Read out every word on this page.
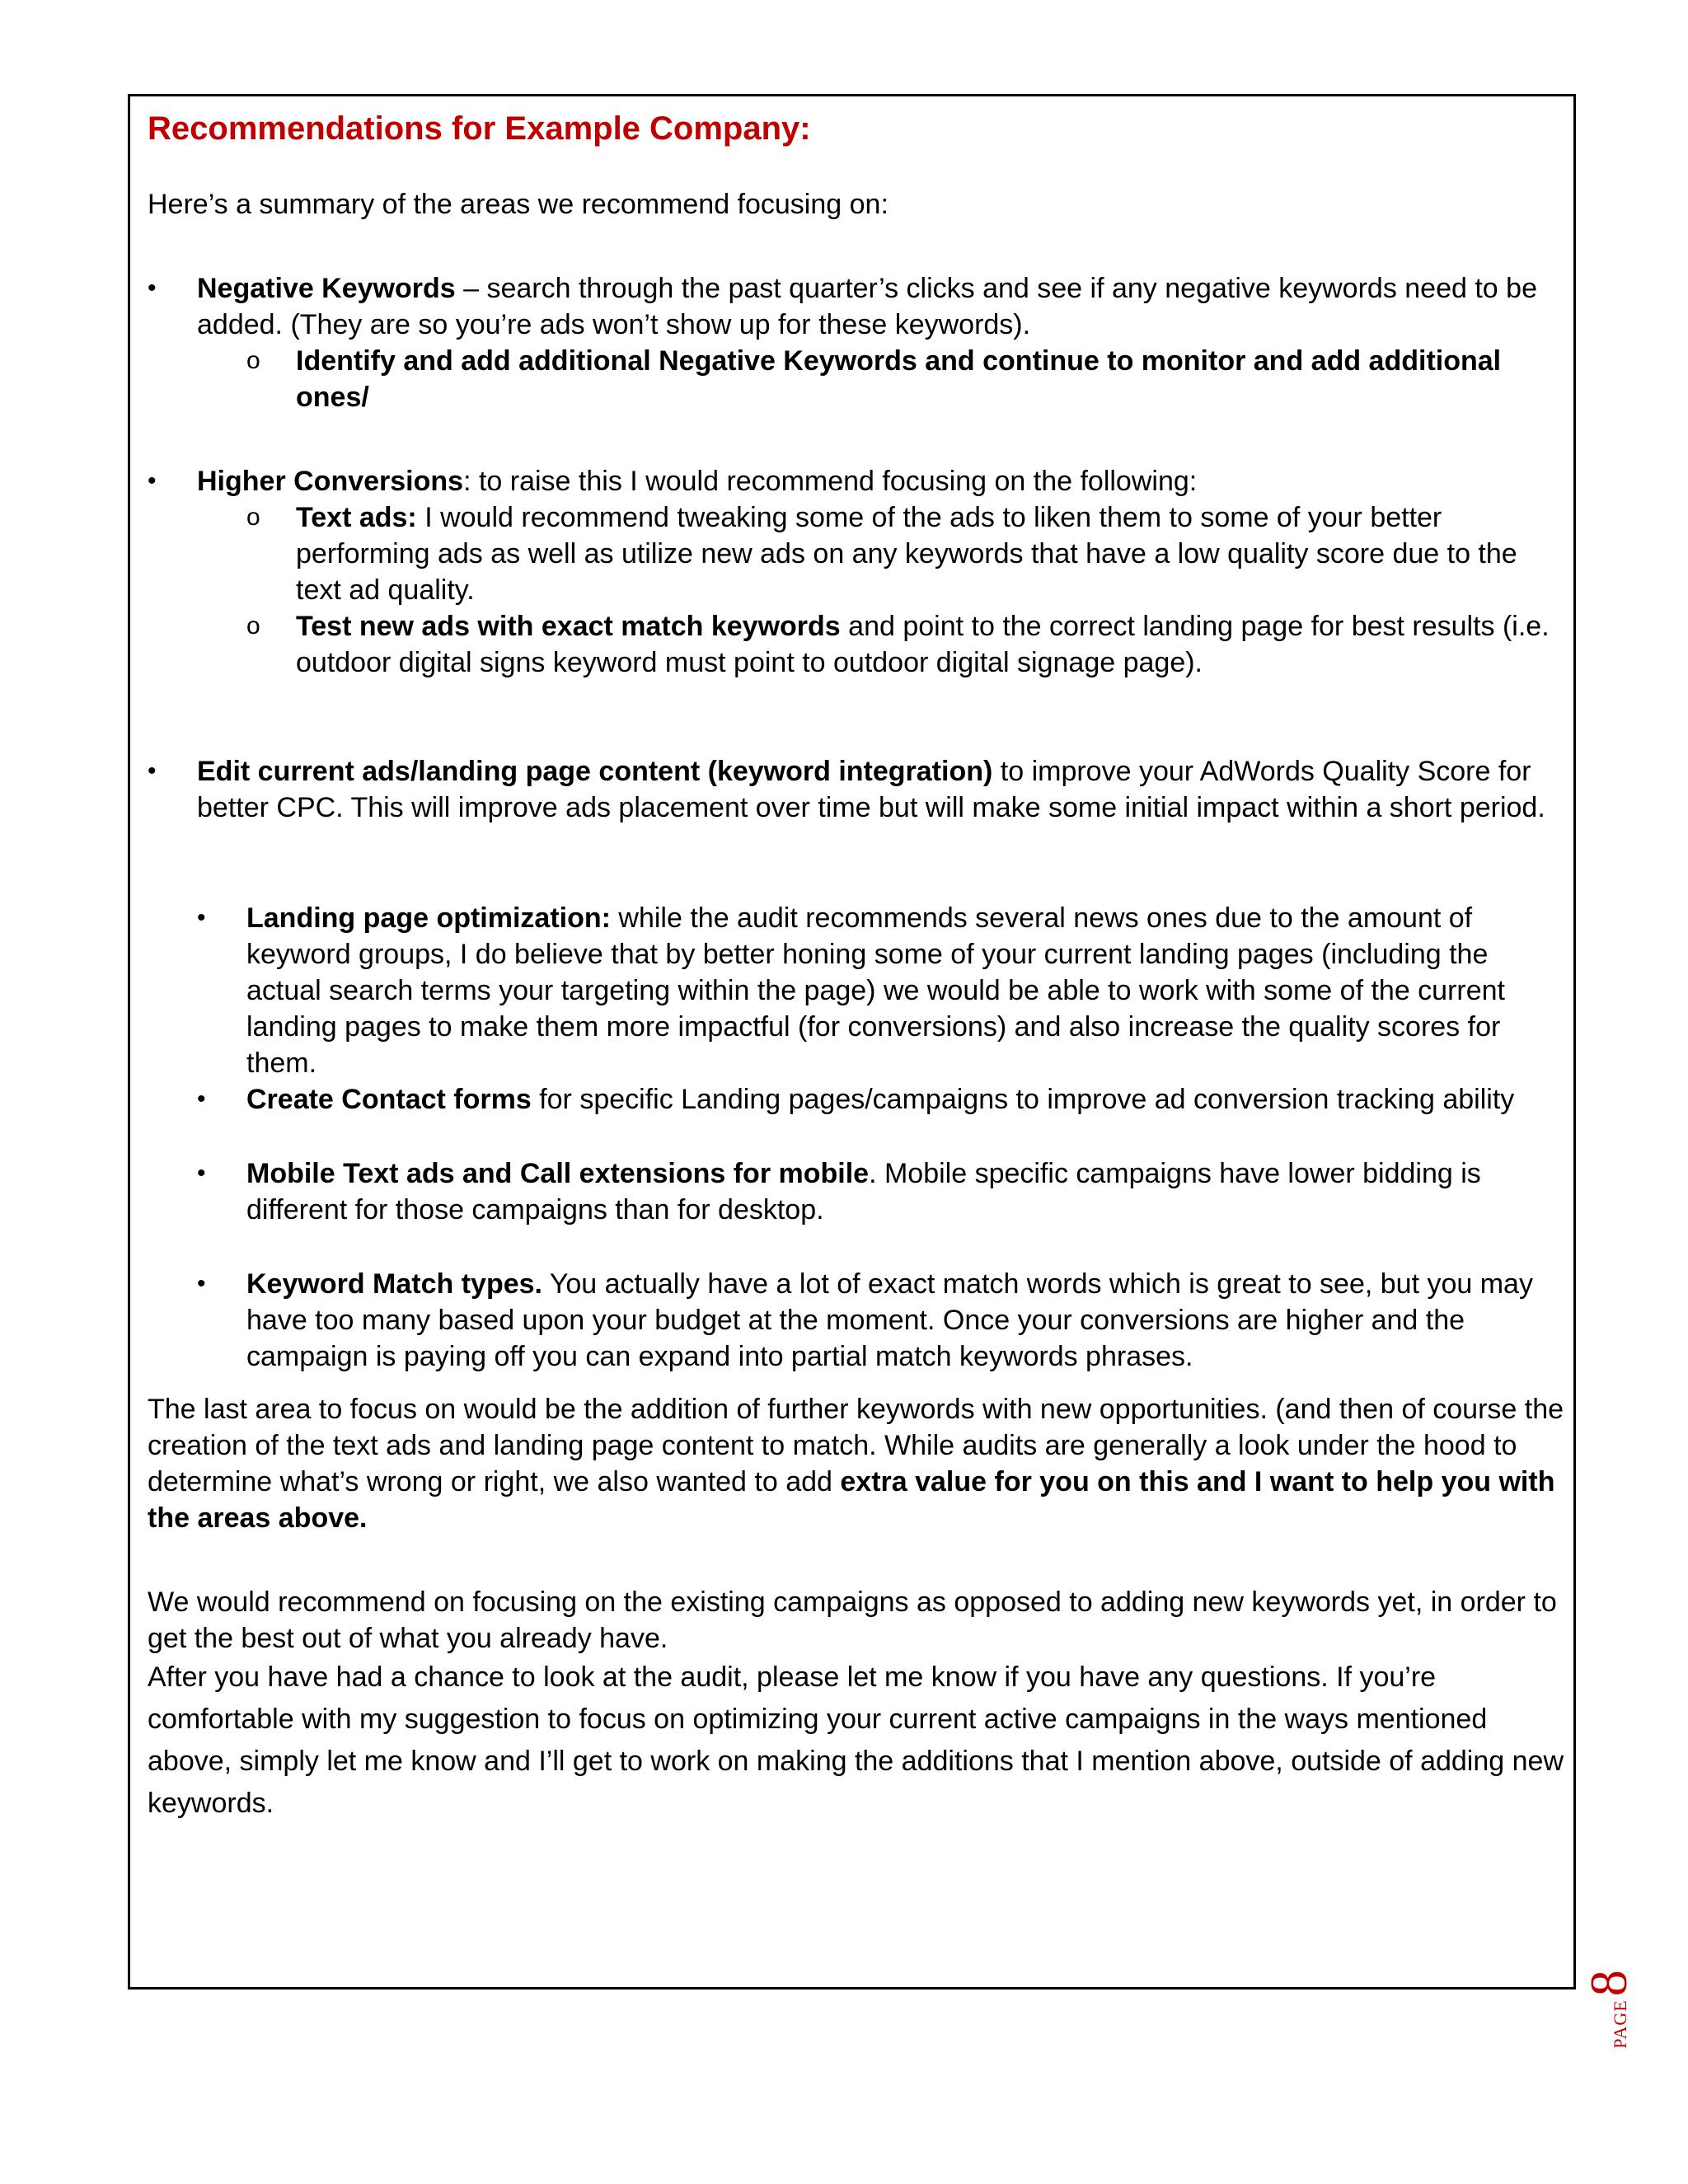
Recommendations for Example Company:

Here’s a summary of the areas we recommend focusing on:

•	Negative Keywords – search through the past quarter’s clicks and see if any negative keywords need to be added. (They are so you’re ads won’t show up for these keywords).
o	Identify and add additional Negative Keywords and continue to monitor and add additional ones/
•	Higher Conversions: to raise this I would recommend focusing on the following:
o	Text ads: I would recommend tweaking some of the ads to liken them to some of your better performing ads as well as utilize new ads on any keywords that have a low quality score due to the text ad quality.
o	Test new ads with exact match keywords and point to the correct landing page for best results (i.e. outdoor digital signs keyword must point to outdoor digital signage page).
•	Edit current ads/landing page content (keyword integration) to improve your AdWords Quality Score for better CPC. This will improve ads placement over time but will make some initial impact within a short period.
•	Landing page optimization: while the audit recommends several news ones due to the amount of keyword groups, I do believe that by better honing some of your current landing pages (including the actual search terms your targeting within the page) we would be able to work with some of the current landing pages to make them more impactful (for conversions) and also increase the quality scores for them.
•	Create Contact forms for specific Landing pages/campaigns to improve ad conversion tracking ability
•	Mobile Text ads and Call extensions for mobile. Mobile specific campaigns have lower bidding is different for those campaigns than for desktop.
•	Keyword Match types. You actually have a lot of exact match words which is great to see, but you may have too many based upon your budget at the moment. Once your conversions are higher and the campaign is paying off you can expand into partial match keywords phrases.

The last area to focus on would be the addition of further keywords with new opportunities. (and then of course the creation of the text ads and landing page content to match. While audits are generally a look under the hood to determine what’s wrong or right, we also wanted to add extra value for you on this and I want to help you with the areas above.

We would recommend on focusing on the existing campaigns as opposed to adding new keywords yet, in order to get the best out of what you already have.

After you have had a chance to look at the audit, please let me know if you have any questions. If you’re comfortable with my suggestion to focus on optimizing your current active campaigns in the ways mentioned above, simply let me know and I’ll get to work on making the additions that I mention above, outside of adding new keywords.

PAGE
8
